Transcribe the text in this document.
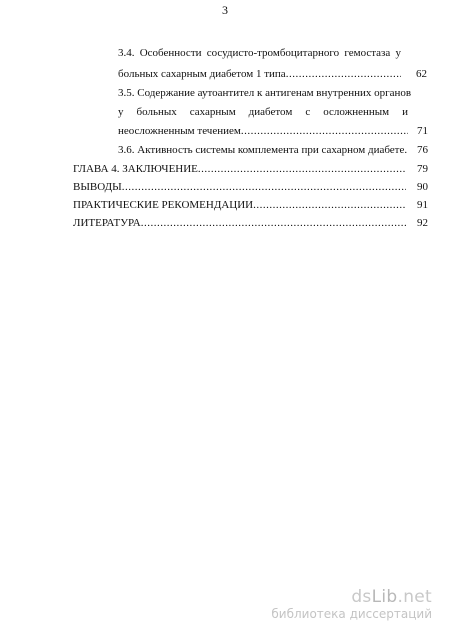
3
3.4. Особенности сосудисто-тромбоцитарного гемостаза у
больных сахарным диабетом 1 типа .....	62
3.5. Содержание аутоантител к антигенам внутренних органов
у больных сахарным диабетом с осложненным и
неосложненным течением .....	71
3.6. Активность системы комплемента при сахарном диабете .....	76
ГЛАВА 4. ЗАКЛЮЧЕНИЕ .....	79
ВЫВОДЫ .....	90
ПРАКТИЧЕСКИЕ РЕКОМЕНДАЦИИ .....	91
ЛИТЕРАТУРА .....	92
dsLib.net
библиотека диссертаций
